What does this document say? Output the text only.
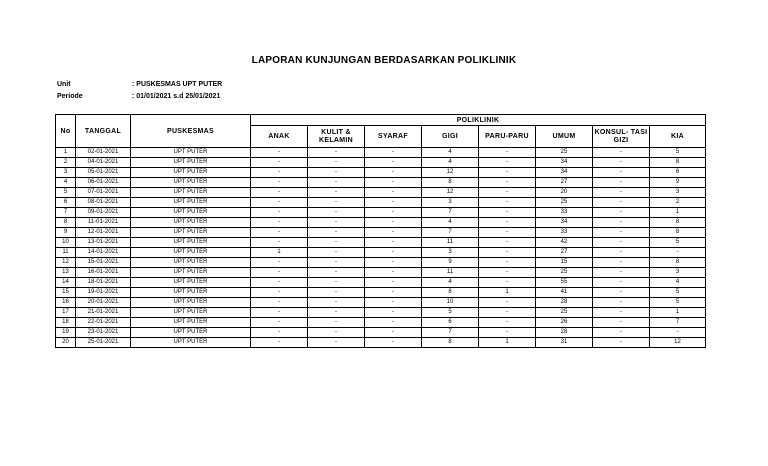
LAPORAN KUNJUNGAN BERDASARKAN POLIKLINIK
Unit	: PUSKESMAS UPT PUTER
Periode	: 01/01/2021 s.d 25/01/2021
No	TANGGAL	PUSKESMAS	POLIKLINIK							
			ANAK	KULIT & KELAMIN	SYARAF	GIGI	PARU-PARU	UMUM	KONSUL- TASI GIZI	KIA
1	02-01-2021	UPT PUTER	-	-	-	4	-	25	-	5
2	04-01-2021	UPT PUTER	-	-	-	4	-	34	-	8
3	05-01-2021	UPT PUTER	-	-	-	12	-	34	-	6
4	06-01-2021	UPT PUTER	-	-	-	8	-	27	-	9
5	07-01-2021	UPT PUTER	-	-	-	12	-	20	-	3
6	08-01-2021	UPT PUTER	-	-	-	3	-	25	-	2
7	09-01-2021	UPT PUTER	-	-	-	7	-	33	-	1
8	11-01-2021	UPT PUTER	-	-	-	4	-	34	-	8
9	12-01-2021	UPT PUTER	-	-	-	7	-	33	-	8
10	13-01-2021	UPT PUTER	-	-	-	11	-	42	-	5
11	14-01-2021	UPT PUTER	1	-	-	3	-	27	-	-
12	15-01-2021	UPT PUTER	-	-	-	9	-	15	-	8
13	16-01-2021	UPT PUTER	-	-	-	11	-	25	-	3
14	18-01-2021	UPT PUTER	-	-	-	4	-	55	-	4
15	19-01-2021	UPT PUTER	-	-	-	8	1	41	-	5
16	20-01-2021	UPT PUTER	-	-	-	10	-	28	-	5
17	21-01-2021	UPT PUTER	-	-	-	5	-	25	-	1
18	22-01-2021	UPT PUTER	-	-	-	6	-	26	-	7
19	23-01-2021	UPT PUTER	-	-	-	7	-	28	-	-
20	25-01-2021	UPT PUTER	-	-	-	8	1	31	-	12
